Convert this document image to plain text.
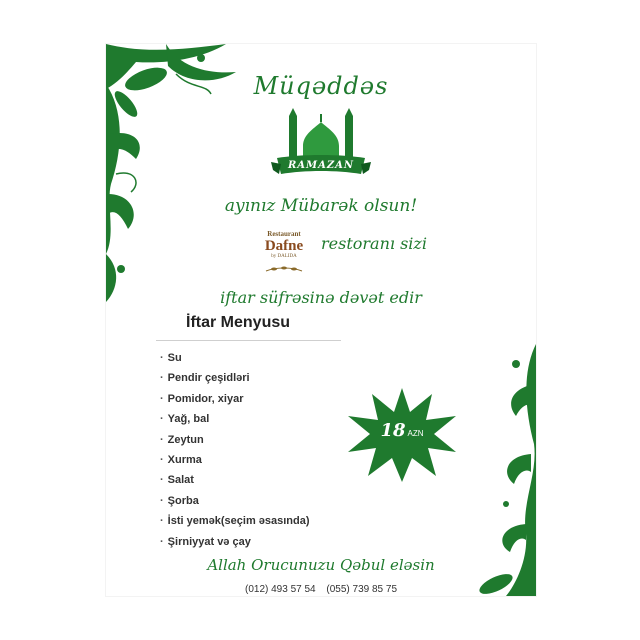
Müqəddəs
RAMAZAN
ayınız Mübarək olsun!
Restaurant
Dafne
by DALIDA
restoranı sizi
iftar süfrəsinə dəvət edir
İftar Menyusu
· Su
· Pendir çeşidləri
· Pomidor, xiyar
· Yağ, bal
· Zeytun
· Xurma
· Salat
· Şorba
· İsti yemək(seçim əsasında)
· Şirniyyat və çay
18 AZN
Allah Orucunuzu Qəbul eləsin
(012) 493 57 54 (055) 739 85 75
